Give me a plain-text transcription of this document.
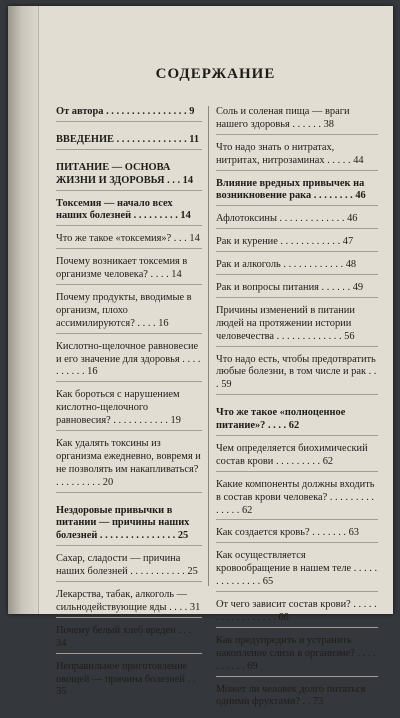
СОДЕРЖАНИЕ
От автора . . . . . . . . . . . . . . . . 9
ВВЕДЕНИЕ . . . . . . . . . . . . . . 11
ПИТАНИЕ — ОСНОВА ЖИЗНИ И ЗДОРОВЬЯ . . . 14
Токсемия — начало всех наших болезней . . . . . . . . . 14
Что же такое «токсемия»? . . . 14
Почему возникает токсемия в организме человека? . . . . 14
Почему продукты, вводимые в организм, плохо ассимилируются? . . . . 16
Кислотно-щелочное равновесие и его значение для здоровья . . . . . . . . . . 16
Как бороться с нарушением кислотно-щелочного равновесия? . . . . . . . . . . . 19
Как удалять токсины из организма ежедневно, вовремя и не позволять им накапливаться? . . . . . . . . . 20
Нездоровые привычки в питании — причины наших болезней . . . . . . . . . . . . . . . 25
Сахар, сладости — причина наших болезней . . . . . . . . . . . 25
Лекарства, табак, алкоголь — сильнодействующие яды . . . . 31
Почему белый хлеб вреден . . . 34
Неправильное приготовление овощей — причина болезней . . 35
Соль и соленая пища — враги нашего здоровья . . . . . . 38
Что надо знать о нитратах, нитритах, нитрозаминах . . . . . 44
Влияние вредных привычек на возникновение рака . . . . . . . . 46
Афлотоксины . . . . . . . . . . . . . 46
Рак и курение . . . . . . . . . . . . 47
Рак и алкоголь . . . . . . . . . . . . 48
Рак и вопросы питания . . . . . . 49
Причины изменений в питании людей на протяжении истории человечества . . . . . . . . . . . . . 56
Что надо есть, чтобы предотвратить любые болезни, в том числе и рак . . . 59
Что же такое «полноценное питание»? . . . . 62
Чем определяется биохимический состав крови . . . . . . . . . 62
Какие компоненты должны входить в состав крови человека? . . . . . . . . . . . . . . 62
Как создается кровь? . . . . . . . 63
Как осуществляется кровообращение в нашем теле . . . . . . . . . . . . . . 65
От чего зависит состав крови? . . . . . . . . . . . . . . . . . 66
Как предупредить и устранить накопление слизи в организме? . . . . . . . . . . 69
Может ли человек долго питаться одними фруктами? . . 73
